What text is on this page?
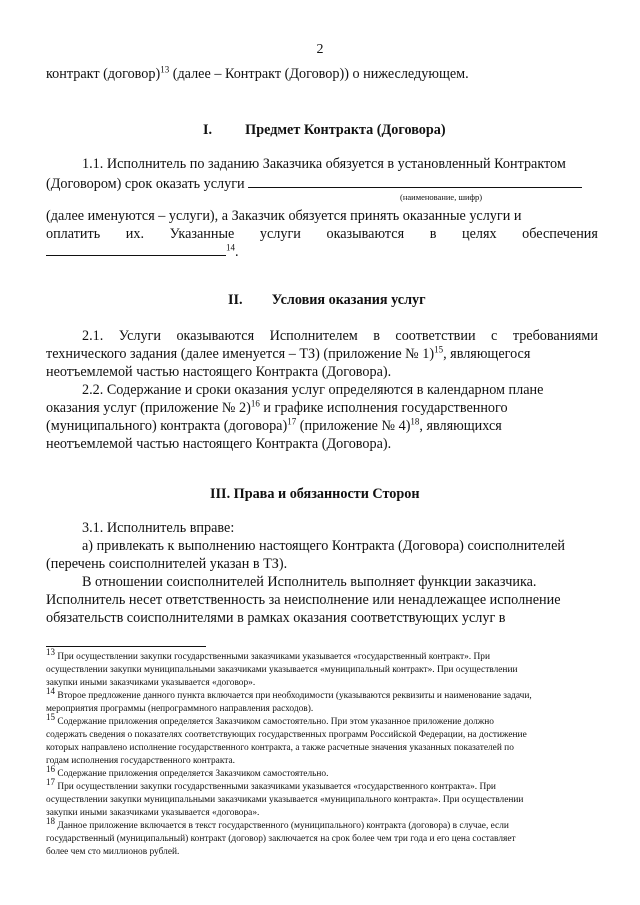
2
контракт (договор)$^{13}$ (далее – Контракт (Договор)) о нижеследующем.
I. Предмет Контракта (Договора)
1.1. Исполнитель по заданию Заказчика обязуется в установленный Контрактом
(Договором) срок оказать услуги
(наименование, шифр)
(далее именуются – услуги), а Заказчик обязуется принять оказанные услуги и
оплатить их. Указанные услуги оказываются в целях обеспечения
$^{14}$.
II. Условия оказания услуг
2.1. Услуги оказываются Исполнителем в соответствии с требованиями
технического задания (далее именуется – ТЗ) (приложение № 1)$^{15}$, являющегося
неотъемлемой частью настоящего Контракта (Договора).
2.2. Содержание и сроки оказания услуг определяются в календарном плане
оказания услуг (приложение № 2)$^{16}$ и графике исполнения государственного
(муниципального) контракта (договора)$^{17}$ (приложение № 4)$^{18}$, являющихся
неотъемлемой частью настоящего Контракта (Договора).
III. Права и обязанности Сторон
3.1. Исполнитель вправе:
а) привлекать к выполнению настоящего Контракта (Договора) соисполнителей
(перечень соисполнителей указан в ТЗ).
В отношении соисполнителей Исполнитель выполняет функции заказчика.
Исполнитель несет ответственность за неисполнение или ненадлежащее исполнение
обязательств соисполнителями в рамках оказания соответствующих услуг в
$^{13}$ При осуществлении закупки государственными заказчиками указывается «государственный контракт». При
осуществлении закупки муниципальными заказчиками указывается «муниципальный контракт». При осуществлении
закупки иными заказчиками указывается «договор».
$^{14}$ Второе предложение данного пункта включается при необходимости (указываются реквизиты и наименование задачи,
мероприятия программы (непрограммного направления расходов).
$^{15}$ Содержание приложения определяется Заказчиком самостоятельно. При этом указанное приложение должно
содержать сведения о показателях соответствующих государственных программ Российской Федерации, на достижение
которых направлено исполнение государственного контракта, а также расчетные значения указанных показателей по
годам исполнения государственного контракта.
$^{16}$ Содержание приложения определяется Заказчиком самостоятельно.
$^{17}$ При осуществлении закупки государственными заказчиками указывается «государственного контракта». При
осуществлении закупки муниципальными заказчиками указывается «муниципального контракта». При осуществлении
закупки иными заказчиками указывается «договора».
$^{18}$ Данное приложение включается в текст государственного (муниципального) контракта (договора) в случае, если
государственный (муниципальный) контракт (договор) заключается на срок более чем три года и его цена составляет
более чем сто миллионов рублей.
